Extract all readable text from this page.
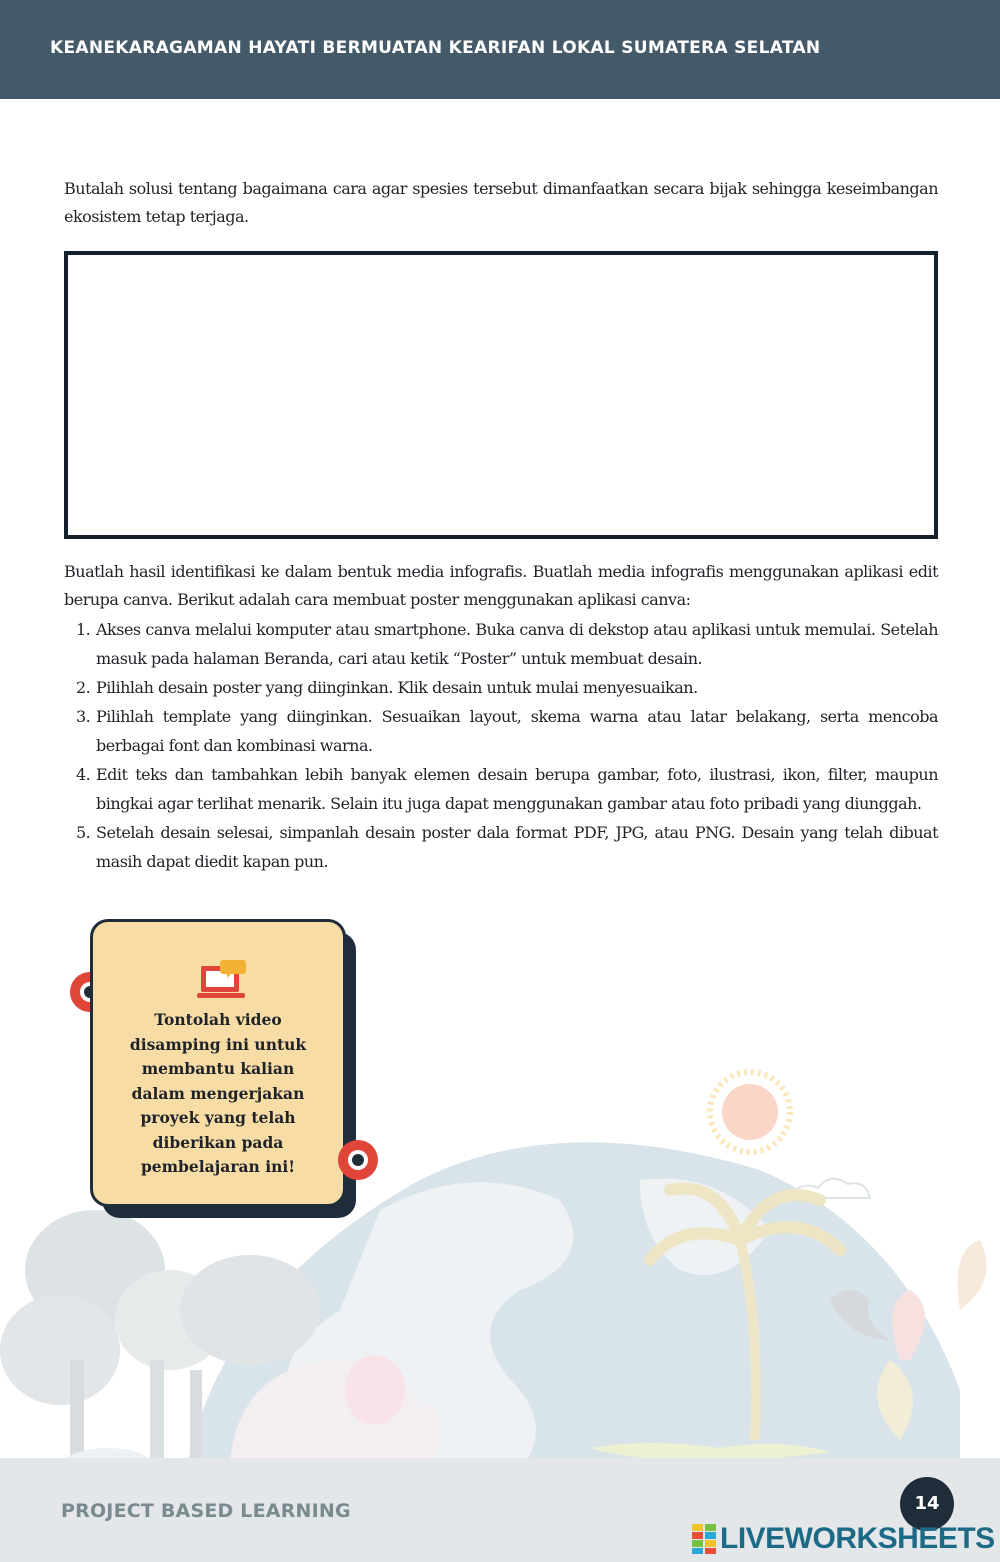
KEANEKARAGAMAN HAYATI BERMUATAN KEARIFAN LOKAL SUMATERA SELATAN
Butalah solusi tentang bagaimana cara agar spesies tersebut dimanfaatkan secara bijak sehingga keseimbangan ekosistem tetap terjaga.
Buatlah hasil identifikasi ke dalam bentuk media infografis. Buatlah media infografis menggunakan aplikasi edit berupa canva. Berikut adalah cara membuat poster menggunakan aplikasi canva:
1. Akses canva melalui komputer atau smartphone. Buka canva di dekstop atau aplikasi untuk memulai. Setelah masuk pada halaman Beranda, cari atau ketik “Poster” untuk membuat desain.
2. Pilihlah desain poster yang diinginkan. Klik desain untuk mulai menyesuaikan.
3. Pilihlah template yang diinginkan. Sesuaikan layout, skema warna atau latar belakang, serta mencoba berbagai font dan kombinasi warna.
4. Edit teks dan tambahkan lebih banyak elemen desain berupa gambar, foto, ilustrasi, ikon, filter, maupun bingkai agar terlihat menarik. Selain itu juga dapat menggunakan gambar atau foto pribadi yang diunggah.
5. Setelah desain selesai, simpanlah desain poster dala format PDF, JPG, atau PNG. Desain yang telah dibuat masih dapat diedit kapan pun.
Tontolah video disamping ini untuk membantu kalian dalam mengerjakan proyek yang telah diberikan pada pembelajaran ini!
PROJECT BASED LEARNING	14
LIVEWORKSHEETS
